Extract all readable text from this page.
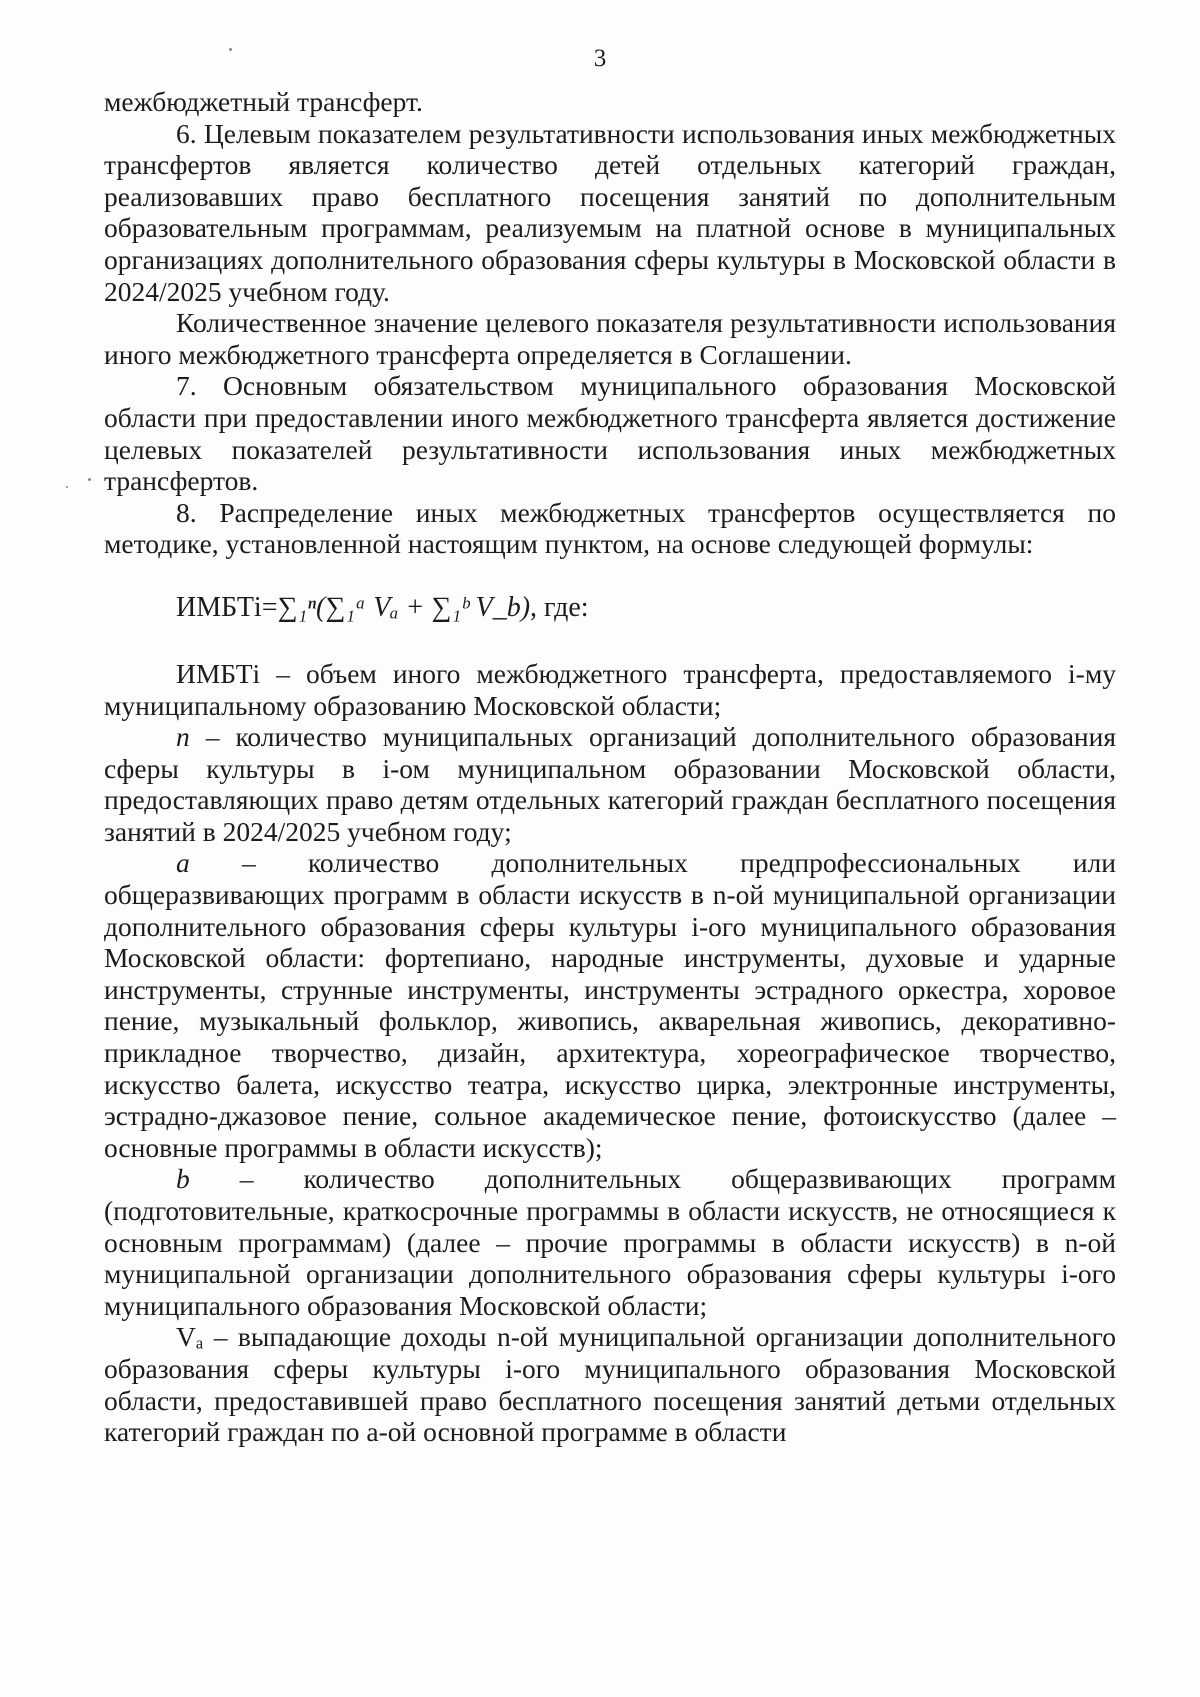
3

межбюджетный трансферт.

6. Целевым показателем результативности использования иных межбюджетных трансфертов является количество детей отдельных категорий граждан, реализовавших право бесплатного посещения занятий по дополнительным образовательным программам, реализуемым на платной основе в муниципальных организациях дополнительного образования сферы культуры в Московской области в 2024/2025 учебном году.

Количественное значение целевого показателя результативности использования иного межбюджетного трансферта определяется в Соглашении.

7. Основным обязательством муниципального образования Московской области при предоставлении иного межбюджетного трансферта является достижение целевых показателей результативности использования иных межбюджетных трансфертов.

8. Распределение иных межбюджетных трансфертов осуществляется по методике, установленной настоящим пунктом, на основе следующей формулы:

ИМБТi=∑₁ⁿ(∑₁ᵃ Vₐ + ∑₁ᵇ V_b), где:

ИМБТi – объем иного межбюджетного трансферта, предоставляемого i-му муниципальному образованию Московской области;

n – количество муниципальных организаций дополнительного образования сферы культуры в i-ом муниципальном образовании Московской области, предоставляющих право детям отдельных категорий граждан бесплатного посещения занятий в 2024/2025 учебном году;

a – количество дополнительных предпрофессиональных или общеразвивающих программ в области искусств в n-ой муниципальной организации дополнительного образования сферы культуры i-ого муниципального образования Московской области: фортепиано, народные инструменты, духовые и ударные инструменты, струнные инструменты, инструменты эстрадного оркестра, хоровое пение, музыкальный фольклор, живопись, акварельная живопись, декоративно-прикладное творчество, дизайн, архитектура, хореографическое творчество, искусство балета, искусство театра, искусство цирка, электронные инструменты, эстрадно-джазовое пение, сольное академическое пение, фотоискусство (далее – основные программы в области искусств);

b – количество дополнительных общеразвивающих программ (подготовительные, краткосрочные программы в области искусств, не относящиеся к основным программам) (далее – прочие программы в области искусств) в n-ой муниципальной организации дополнительного образования сферы культуры i-ого муниципального образования Московской области;

Vₐ – выпадающие доходы n-ой муниципальной организации дополнительного образования сферы культуры i-ого муниципального образования Московской области, предоставившей право бесплатного посещения занятий детьми отдельных категорий граждан по a-ой основной программе в области
